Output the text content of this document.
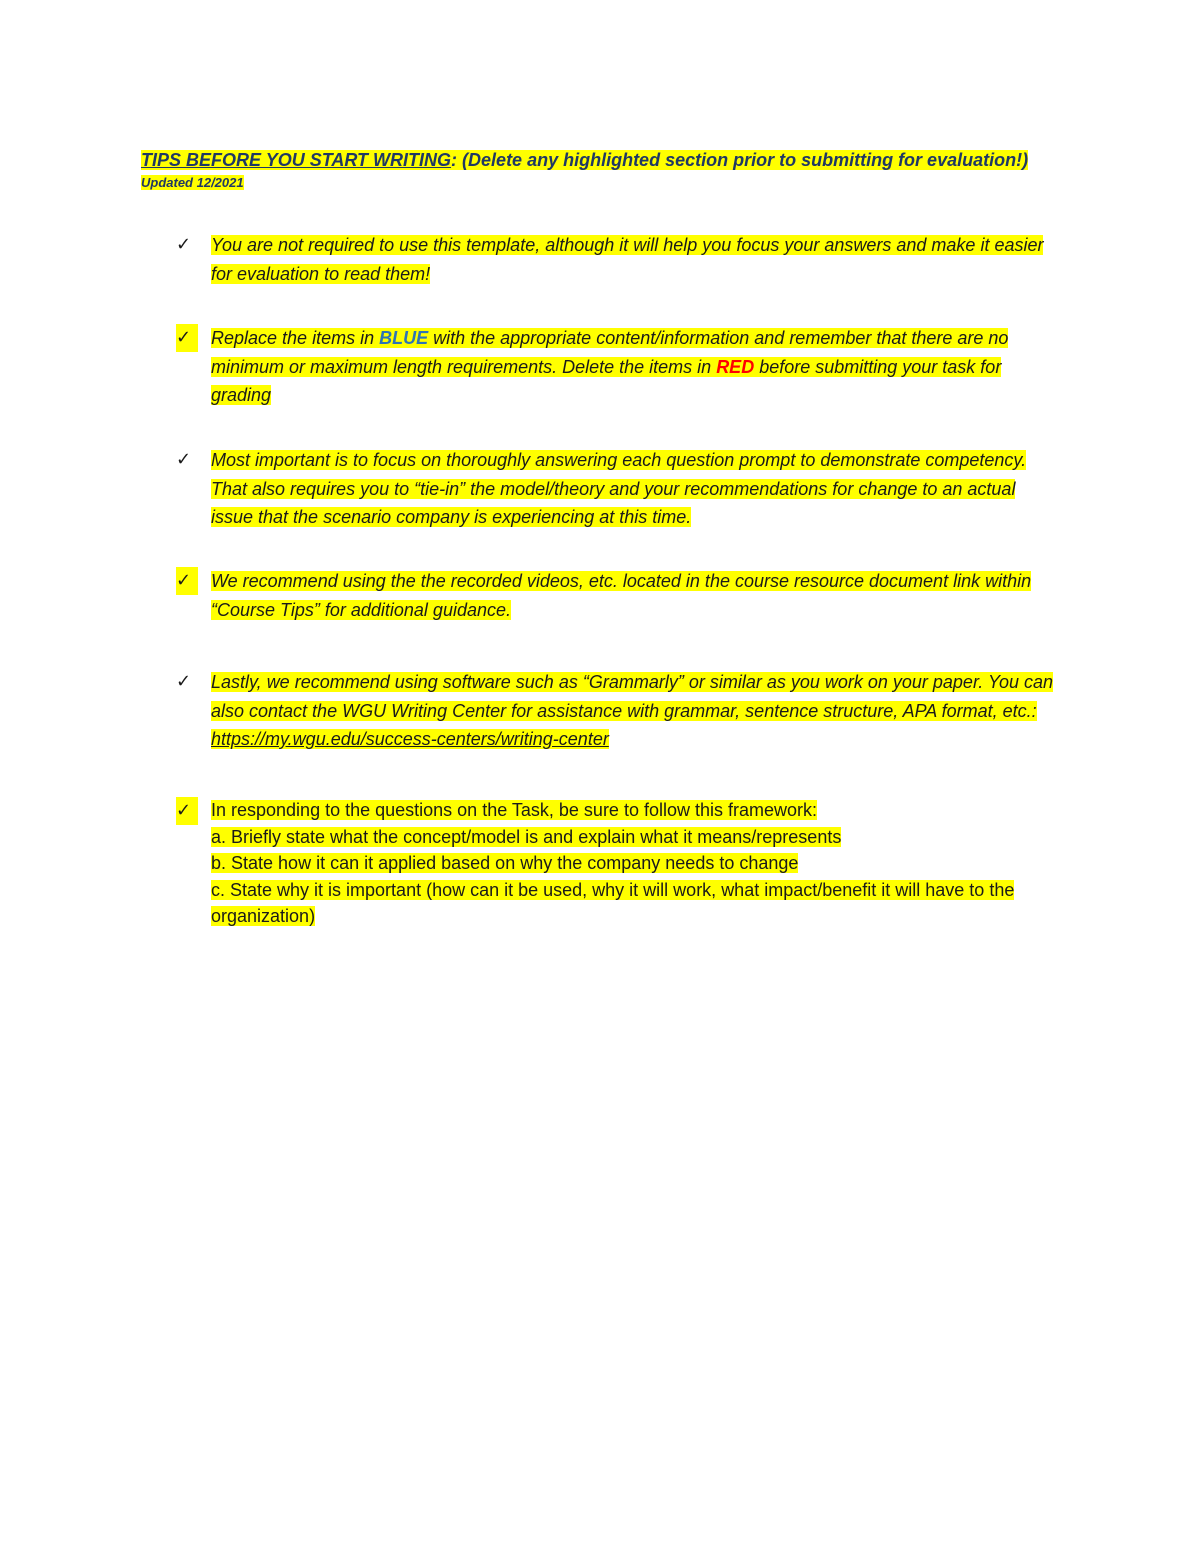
TIPS BEFORE YOU START WRITING: (Delete any highlighted section prior to submitting for evaluation!)
Updated 12/2021
✓	You are not required to use this template, although it will help you focus your answers and make it easier for evaluation to read them!
✓	Replace the items in BLUE with the appropriate content/information and remember that there are no minimum or maximum length requirements. Delete the items in RED before submitting your task for grading
✓	Most important is to focus on thoroughly answering each question prompt to demonstrate competency. That also requires you to “tie-in” the model/theory and your recommendations for change to an actual issue that the scenario company is experiencing at this time.
✓	We recommend using the the recorded videos, etc. located in the course resource document link within “Course Tips” for additional guidance.
✓	Lastly, we recommend using software such as “Grammarly” or similar as you work on your paper. You can also contact the WGU Writing Center for assistance with grammar, sentence structure, APA format, etc.: https://my.wgu.edu/success-centers/writing-center
✓	In responding to the questions on the Task, be sure to follow this framework:
a. Briefly state what the concept/model is and explain what it means/represents
b. State how it can it applied based on why the company needs to change
c. State why it is important (how can it be used, why it will work, what impact/benefit it will have to the organization)
